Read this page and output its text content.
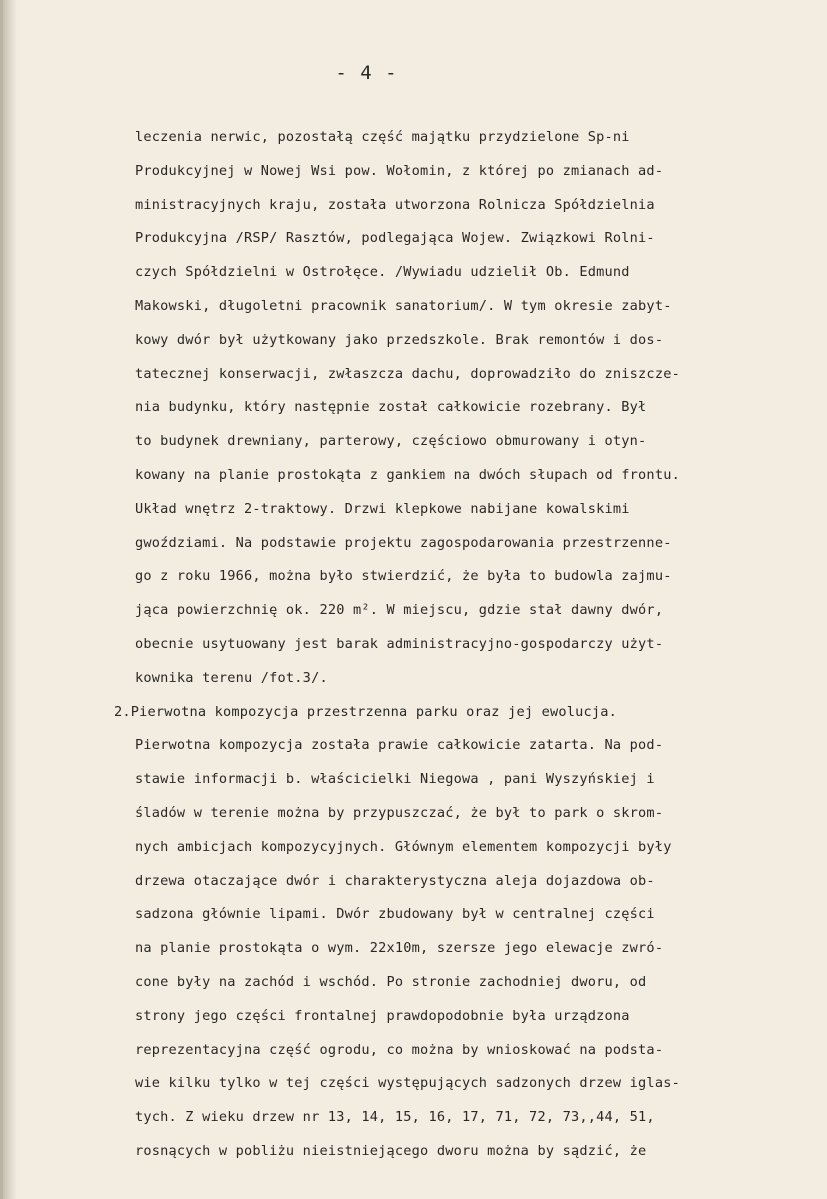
- 4 -
leczenia nerwic, pozostałą część majątku przydzielone Sp-ni
Produkcyjnej w Nowej Wsi pow. Wołomin, z której po zmianach ad-
ministracyjnych kraju, została utworzona Rolnicza Spółdzielnia
Produkcyjna /RSP/ Rasztów, podlegająca Wojew. Związkowi Rolni-
czych Spółdzielni w Ostrołęce. /Wywiadu udzielił Ob. Edmund
Makowski, długoletni pracownik sanatorium/. W tym okresie zabyt-
kowy dwór był użytkowany jako przedszkole. Brak remontów i dos-
tatecznej konserwacji, zwłaszcza dachu, doprowadziło do zniszcze-
nia budynku, który następnie został całkowicie rozebrany. Był
to budynek drewniany, parterowy, częściowo obmurowany i otyn-
kowany na planie prostokąta z gankiem na dwóch słupach od frontu.
Układ wnętrz 2-traktowy. Drzwi klepkowe nabijane kowalskimi
gwoździami. Na podstawie projektu zagospodarowania przestrzenne-
go z roku 1966, można było stwierdzić, że była to budowla zajmu-
jąca powierzchnię ok. 220 m². W miejscu, gdzie stał dawny dwór,
obecnie usytuowany jest barak administracyjno-gospodarczy użyt-
kownika terenu /fot.3/.
2.Pierwotna kompozycja przestrzenna parku oraz jej ewolucja.
Pierwotna kompozycja została prawie całkowicie zatarta. Na pod-
stawie informacji b. właścicielki Niegowa , pani Wyszyńskiej i
śladów w terenie można by przypuszczać, że był to park o skrom-
nych ambicjach kompozycyjnych. Głównym elementem kompozycji były
drzewa otaczające dwór i charakterystyczna aleja dojazdowa ob-
sadzona głównie lipami. Dwór zbudowany był w centralnej części
na planie prostokąta o wym. 22x10m, szersze jego elewacje zwró-
cone były na zachód i wschód. Po stronie zachodniej dworu, od
strony jego części frontalnej prawdopodobnie była urządzona
reprezentacyjna część ogrodu, co można by wnioskować na podsta-
wie kilku tylko w tej części występujących sadzonych drzew iglas-
tych. Z wieku drzew nr 13, 14, 15, 16, 17, 71, 72, 73,,44, 51,
rosnących w pobliżu nieistniejącego dworu można by sądzić, że
